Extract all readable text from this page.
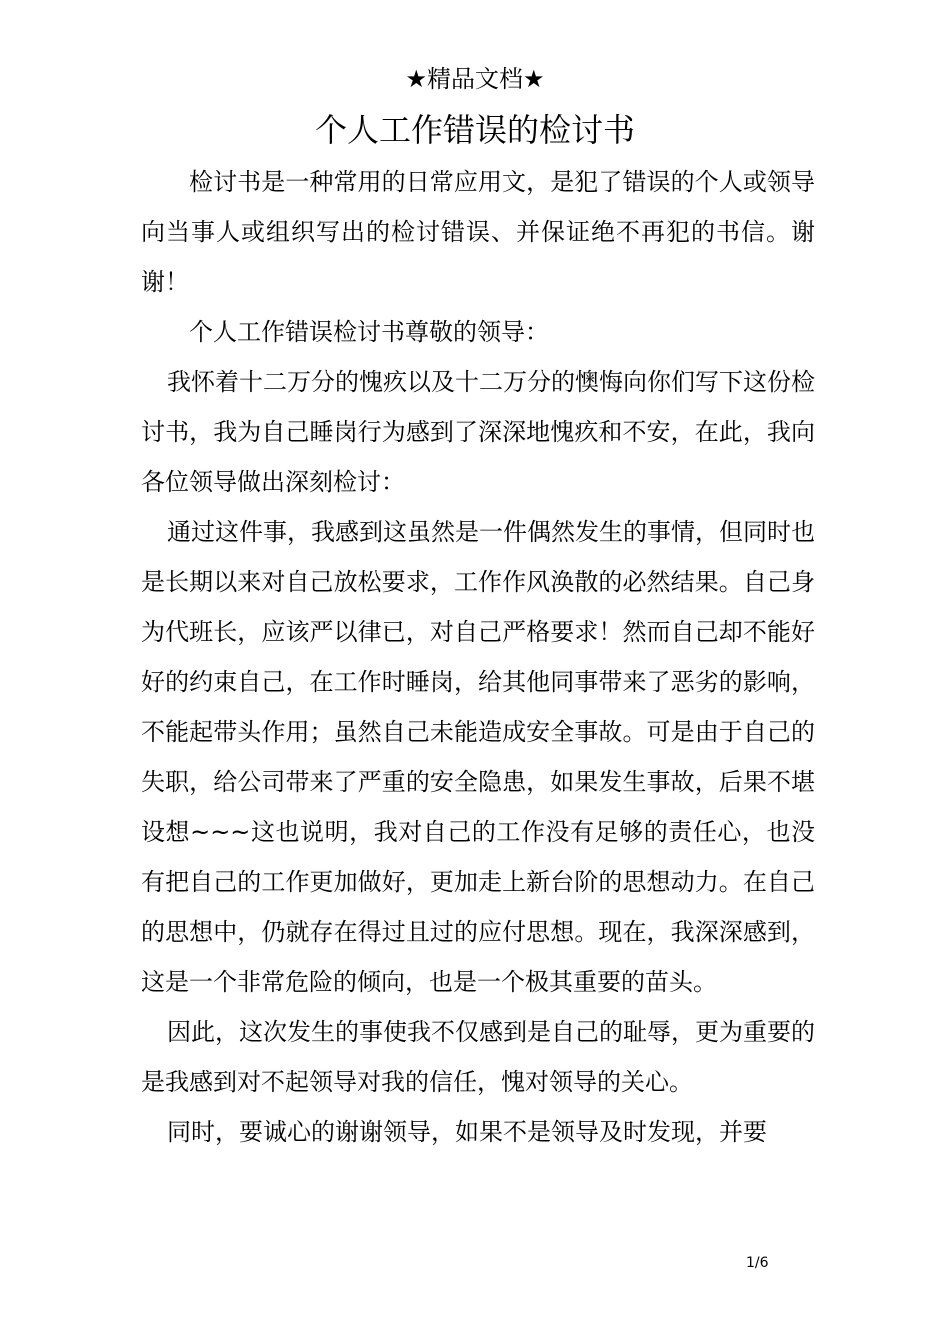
★精品文档★
个人工作错误的检讨书

检讨书是一种常用的日常应用文，是犯了错误的个人或领导向当事人或组织写出的检讨错误、并保证绝不再犯的书信。谢谢！

个人工作错误检讨书尊敬的领导：

我怀着十二万分的愧疚以及十二万分的懊悔向你们写下这份检讨书，我为自己睡岗行为感到了深深地愧疚和不安，在此，我向各位领导做出深刻检讨：

通过这件事，我感到这虽然是一件偶然发生的事情，但同时也是长期以来对自己放松要求，工作作风涣散的必然结果。自己身为代班长，应该严以律已，对自己严格要求！然而自己却不能好好的约束自己，在工作时睡岗，给其他同事带来了恶劣的影响，不能起带头作用；虽然自己未能造成安全事故。可是由于自己的失职，给公司带来了严重的安全隐患，如果发生事故，后果不堪设想~~~这也说明，我对自己的工作没有足够的责任心，也没有把自己的工作更加做好，更加走上新台阶的思想动力。在自己的思想中，仍就存在得过且过的应付思想。现在，我深深感到，这是一个非常危险的倾向，也是一个极其重要的苗头。

因此，这次发生的事使我不仅感到是自己的耻辱，更为重要的是我感到对不起领导对我的信任，愧对领导的关心。

同时，要诚心的谢谢领导，如果不是领导及时发现，并要

1/6
